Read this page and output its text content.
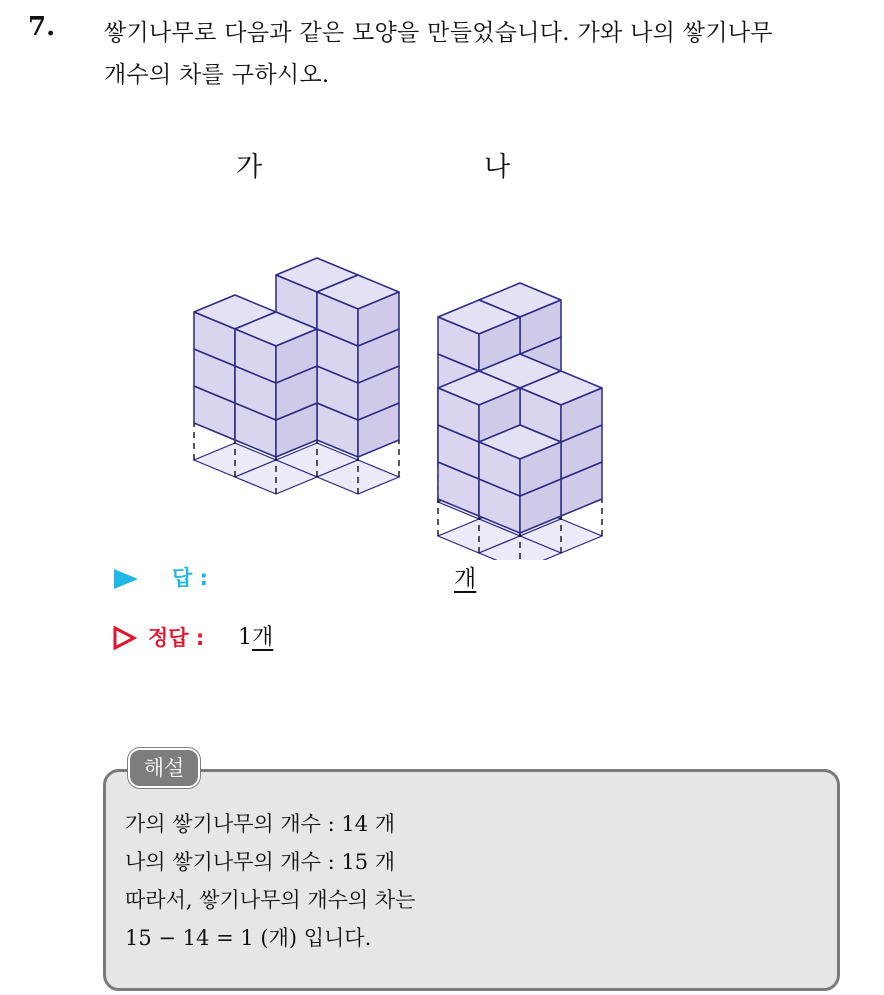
7. 쌓기나무로 다음과 같은 모양을 만들었습니다. 가와 나의 쌓기나무
개수의 차를 구하시오.
가	나
답 :	개
정답 : 1개
해설
가의 쌓기나무의 개수 : 14 개
나의 쌓기나무의 개수 : 15 개
따라서, 쌓기나무의 개수의 차는
15 − 14 = 1 (개) 입니다.
